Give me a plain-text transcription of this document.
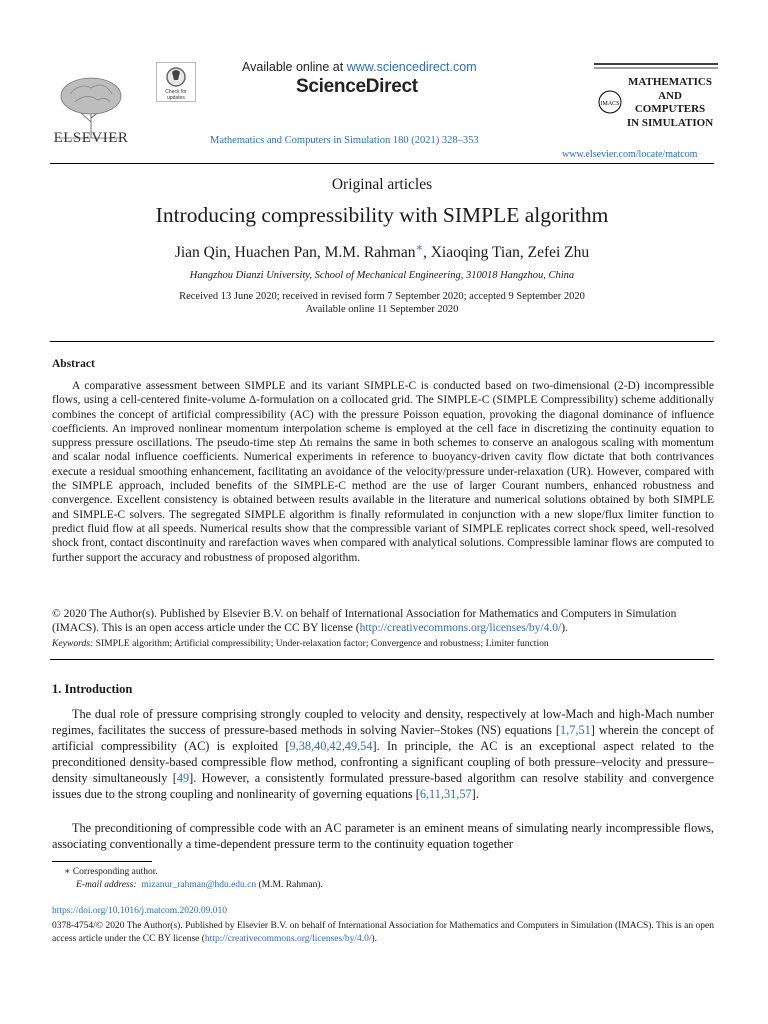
ELSEVIER
Check for
updates
Available online at www.sciencedirect.com
ScienceDirect
Mathematics and Computers in Simulation 180 (2021) 328–353
IMACS
MATHEMATICS
AND
COMPUTERS
IN SIMULATION
www.elsevier.com/locate/matcom
Original articles
Introducing compressibility with SIMPLE algorithm
Jian Qin, Huachen Pan, M.M. Rahman∗, Xiaoqing Tian, Zefei Zhu
Hangzhou Dianzi University, School of Mechanical Engineering, 310018 Hangzhou, China
Received 13 June 2020; received in revised form 7 September 2020; accepted 9 September 2020
Available online 11 September 2020
Abstract

A comparative assessment between SIMPLE and its variant SIMPLE-C is conducted based on two-dimensional (2-D) incompressible flows, using a cell-centered finite-volume Δ-formulation on a collocated grid. The SIMPLE-C (SIMPLE Compressibility) scheme additionally combines the concept of artificial compressibility (AC) with the pressure Poisson equation, provoking the diagonal dominance of influence coefficients. An improved nonlinear momentum interpolation scheme is employed at the cell face in discretizing the continuity equation to suppress pressure oscillations. The pseudo-time step Δtₗ remains the same in both schemes to conserve an analogous scaling with momentum and scalar nodal influence coefficients. Numerical experiments in reference to buoyancy-driven cavity flow dictate that both contrivances execute a residual smoothing enhancement, facilitating an avoidance of the velocity/pressure under-relaxation (UR). However, compared with the SIMPLE approach, included benefits of the SIMPLE-C method are the use of larger Courant numbers, enhanced robustness and convergence. Excellent consistency is obtained between results available in the literature and numerical solutions obtained by both SIMPLE and SIMPLE-C solvers. The segregated SIMPLE algorithm is finally reformulated in conjunction with a new slope/flux limiter function to predict fluid flow at all speeds. Numerical results show that the compressible variant of SIMPLE replicates correct shock speed, well-resolved shock front, contact discontinuity and rarefaction waves when compared with analytical solutions. Compressible laminar flows are computed to further support the accuracy and robustness of proposed algorithm.

© 2020 The Author(s). Published by Elsevier B.V. on behalf of International Association for Mathematics and Computers in Simulation (IMACS). This is an open access article under the CC BY license (http://creativecommons.org/licenses/by/4.0/).

Keywords: SIMPLE algorithm; Artificial compressibility; Under-relaxation factor; Convergence and robustness; Limiter function
1. Introduction

The dual role of pressure comprising strongly coupled to velocity and density, respectively at low-Mach and high-Mach number regimes, facilitates the success of pressure-based methods in solving Navier–Stokes (NS) equations [1,7,51] wherein the concept of artificial compressibility (AC) is exploited [9,38,40,42,49,54]. In principle, the AC is an exceptional aspect related to the preconditioned density-based compressible flow method, confronting a significant coupling of both pressure–velocity and pressure–density simultaneously [49]. However, a consistently formulated pressure-based algorithm can resolve stability and convergence issues due to the strong coupling and nonlinearity of governing equations [6,11,31,57].

The preconditioning of compressible code with an AC parameter is an eminent means of simulating nearly incompressible flows, associating conventionally a time-dependent pressure term to the continuity equation together

∗ Corresponding author.
E-mail address: mizanur_rahman@hdu.edu.cn (M.M. Rahman).
https://doi.org/10.1016/j.matcom.2020.09.010

0378-4754/© 2020 The Author(s). Published by Elsevier B.V. on behalf of International Association for Mathematics and Computers in Simulation (IMACS). This is an open access article under the CC BY license (http://creativecommons.org/licenses/by/4.0/).
